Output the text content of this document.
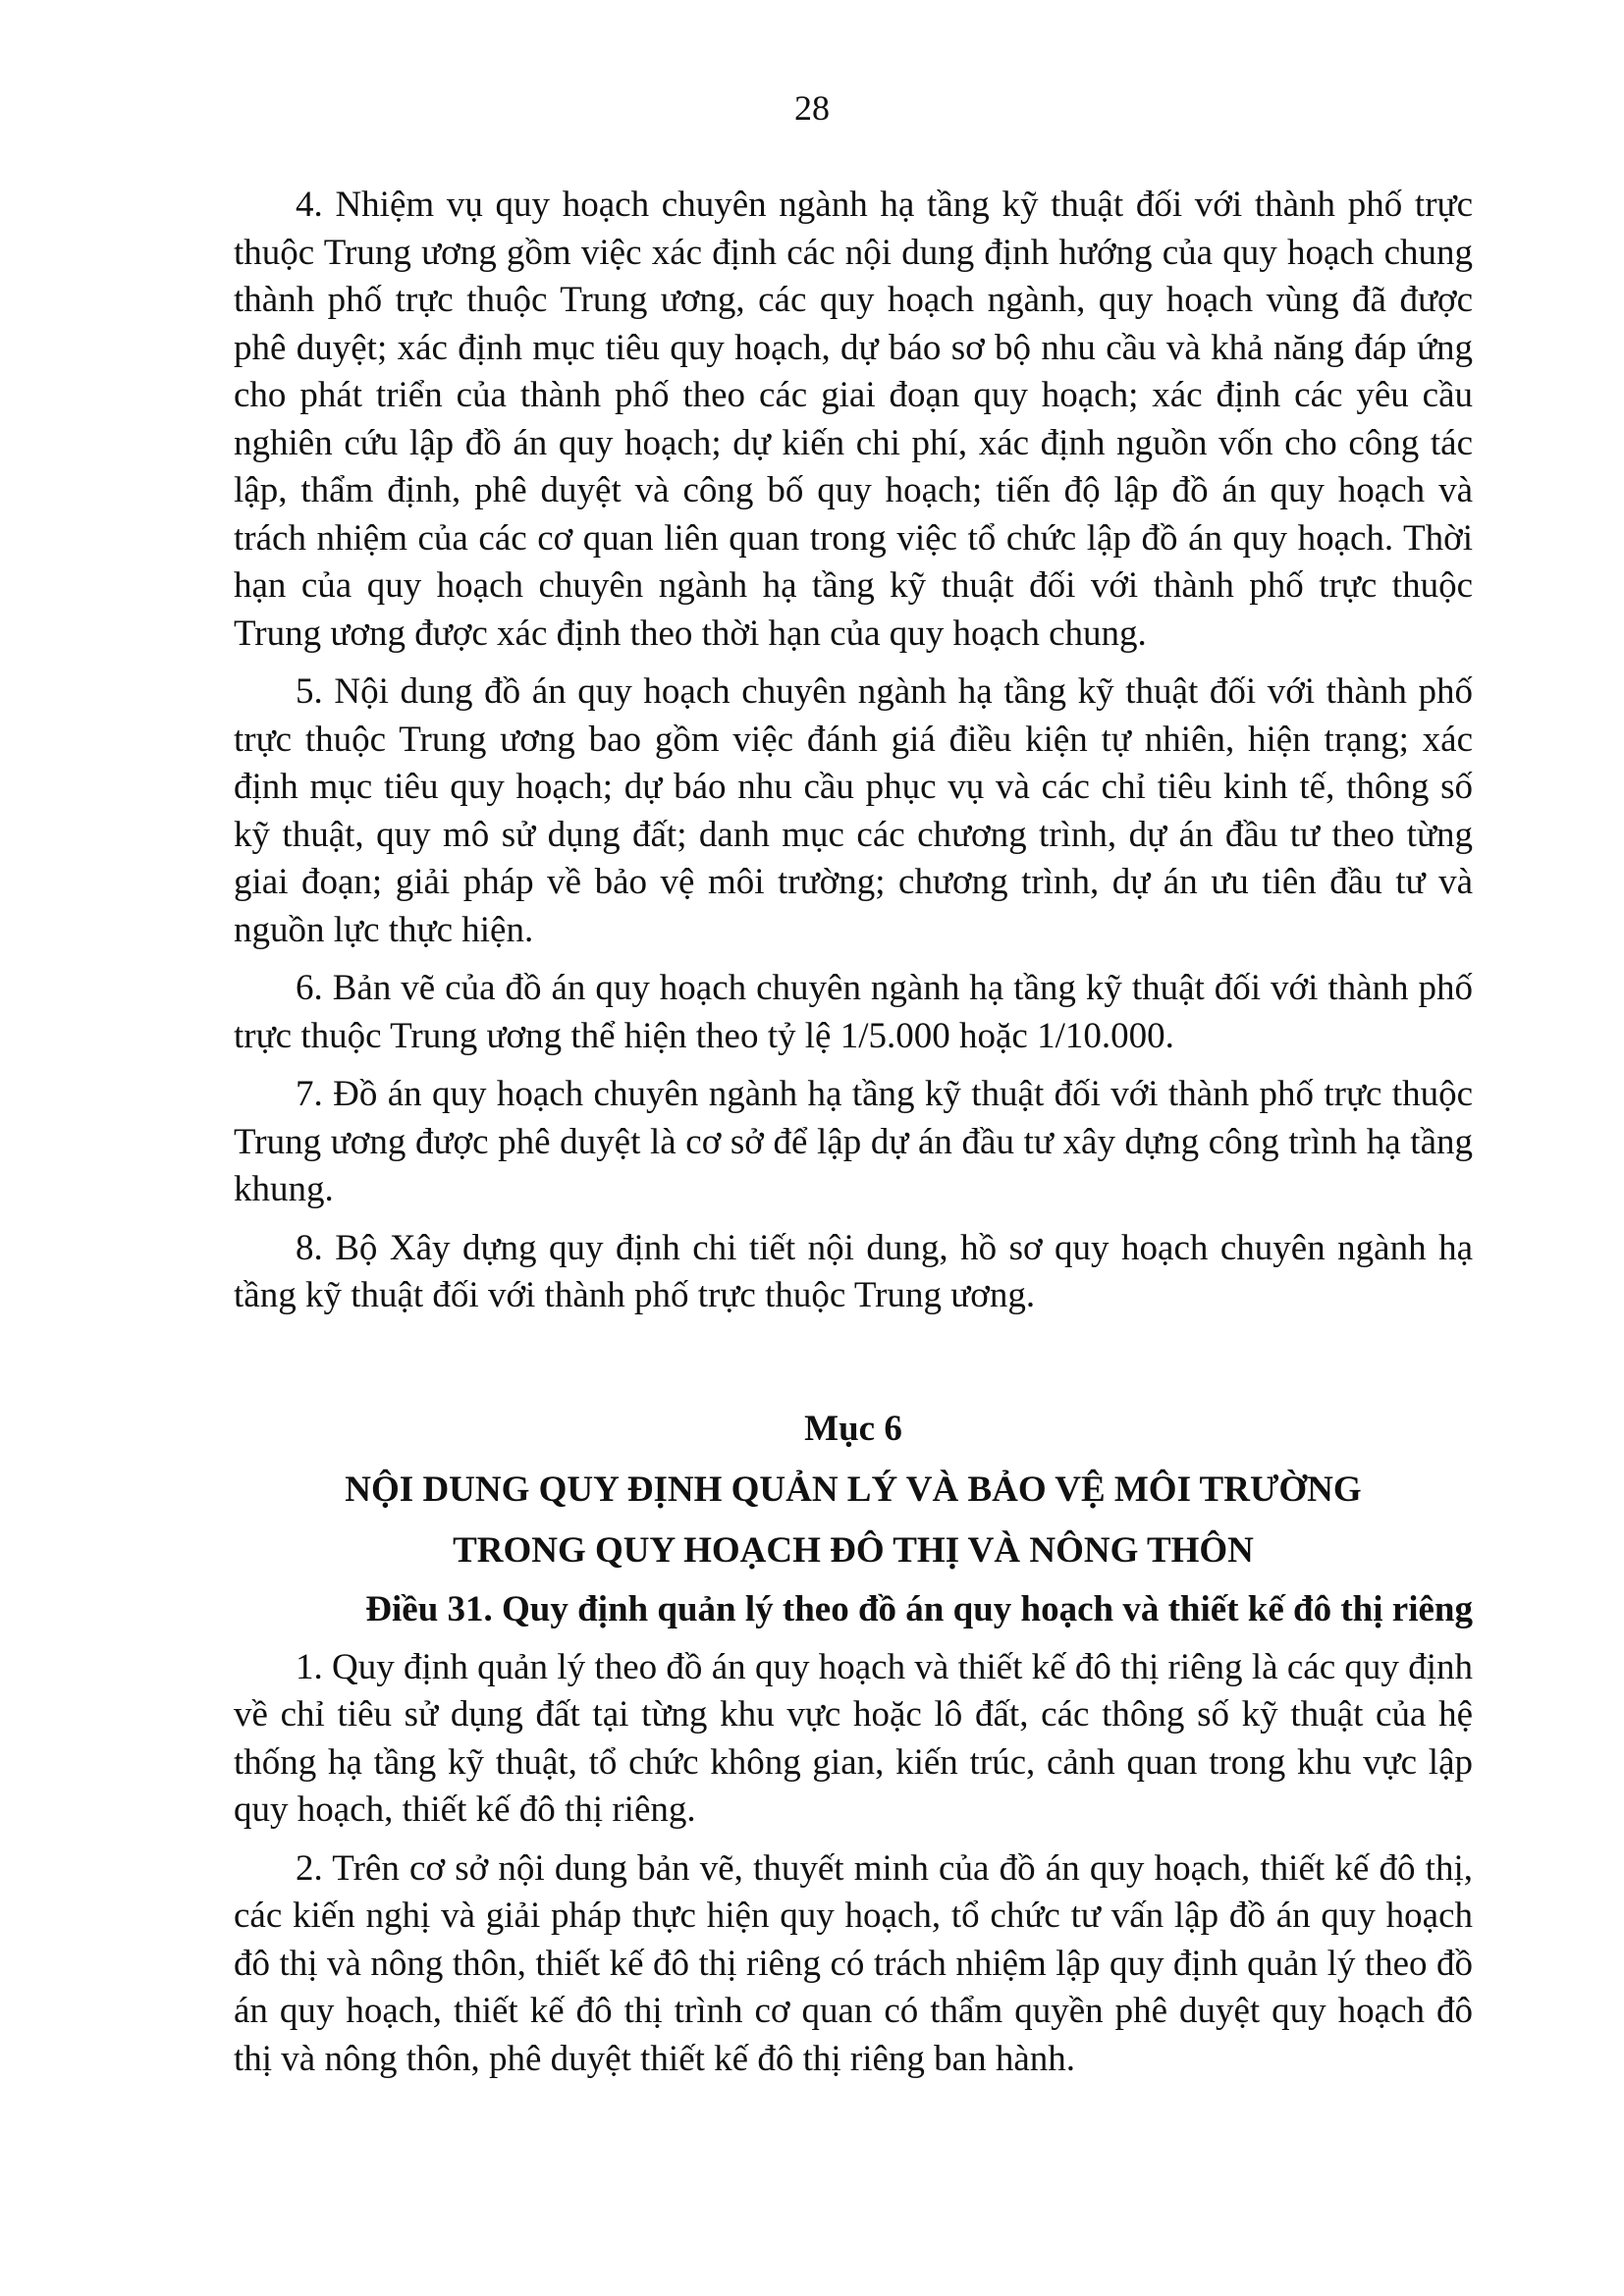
28

4. Nhiệm vụ quy hoạch chuyên ngành hạ tầng kỹ thuật đối với thành phố trực thuộc Trung ương gồm việc xác định các nội dung định hướng của quy hoạch chung thành phố trực thuộc Trung ương, các quy hoạch ngành, quy hoạch vùng đã được phê duyệt; xác định mục tiêu quy hoạch, dự báo sơ bộ nhu cầu và khả năng đáp ứng cho phát triển của thành phố theo các giai đoạn quy hoạch; xác định các yêu cầu nghiên cứu lập đồ án quy hoạch; dự kiến chi phí, xác định nguồn vốn cho công tác lập, thẩm định, phê duyệt và công bố quy hoạch; tiến độ lập đồ án quy hoạch và trách nhiệm của các cơ quan liên quan trong việc tổ chức lập đồ án quy hoạch. Thời hạn của quy hoạch chuyên ngành hạ tầng kỹ thuật đối với thành phố trực thuộc Trung ương được xác định theo thời hạn của quy hoạch chung.

5. Nội dung đồ án quy hoạch chuyên ngành hạ tầng kỹ thuật đối với thành phố trực thuộc Trung ương bao gồm việc đánh giá điều kiện tự nhiên, hiện trạng; xác định mục tiêu quy hoạch; dự báo nhu cầu phục vụ và các chỉ tiêu kinh tế, thông số kỹ thuật, quy mô sử dụng đất; danh mục các chương trình, dự án đầu tư theo từng giai đoạn; giải pháp về bảo vệ môi trường; chương trình, dự án ưu tiên đầu tư và nguồn lực thực hiện.

6. Bản vẽ của đồ án quy hoạch chuyên ngành hạ tầng kỹ thuật đối với thành phố trực thuộc Trung ương thể hiện theo tỷ lệ 1/5.000 hoặc 1/10.000.

7. Đồ án quy hoạch chuyên ngành hạ tầng kỹ thuật đối với thành phố trực thuộc Trung ương được phê duyệt là cơ sở để lập dự án đầu tư xây dựng công trình hạ tầng khung.

8. Bộ Xây dựng quy định chi tiết nội dung, hồ sơ quy hoạch chuyên ngành hạ tầng kỹ thuật đối với thành phố trực thuộc Trung ương.

Mục 6
NỘI DUNG QUY ĐỊNH QUẢN LÝ VÀ BẢO VỆ MÔI TRƯỜNG
TRONG QUY HOẠCH ĐÔ THỊ VÀ NÔNG THÔN
Điều 31. Quy định quản lý theo đồ án quy hoạch và thiết kế đô thị riêng

1. Quy định quản lý theo đồ án quy hoạch và thiết kế đô thị riêng là các quy định về chỉ tiêu sử dụng đất tại từng khu vực hoặc lô đất, các thông số kỹ thuật của hệ thống hạ tầng kỹ thuật, tổ chức không gian, kiến trúc, cảnh quan trong khu vực lập quy hoạch, thiết kế đô thị riêng.

2. Trên cơ sở nội dung bản vẽ, thuyết minh của đồ án quy hoạch, thiết kế đô thị, các kiến nghị và giải pháp thực hiện quy hoạch, tổ chức tư vấn lập đồ án quy hoạch đô thị và nông thôn, thiết kế đô thị riêng có trách nhiệm lập quy định quản lý theo đồ án quy hoạch, thiết kế đô thị trình cơ quan có thẩm quyền phê duyệt quy hoạch đô thị và nông thôn, phê duyệt thiết kế đô thị riêng ban hành.
